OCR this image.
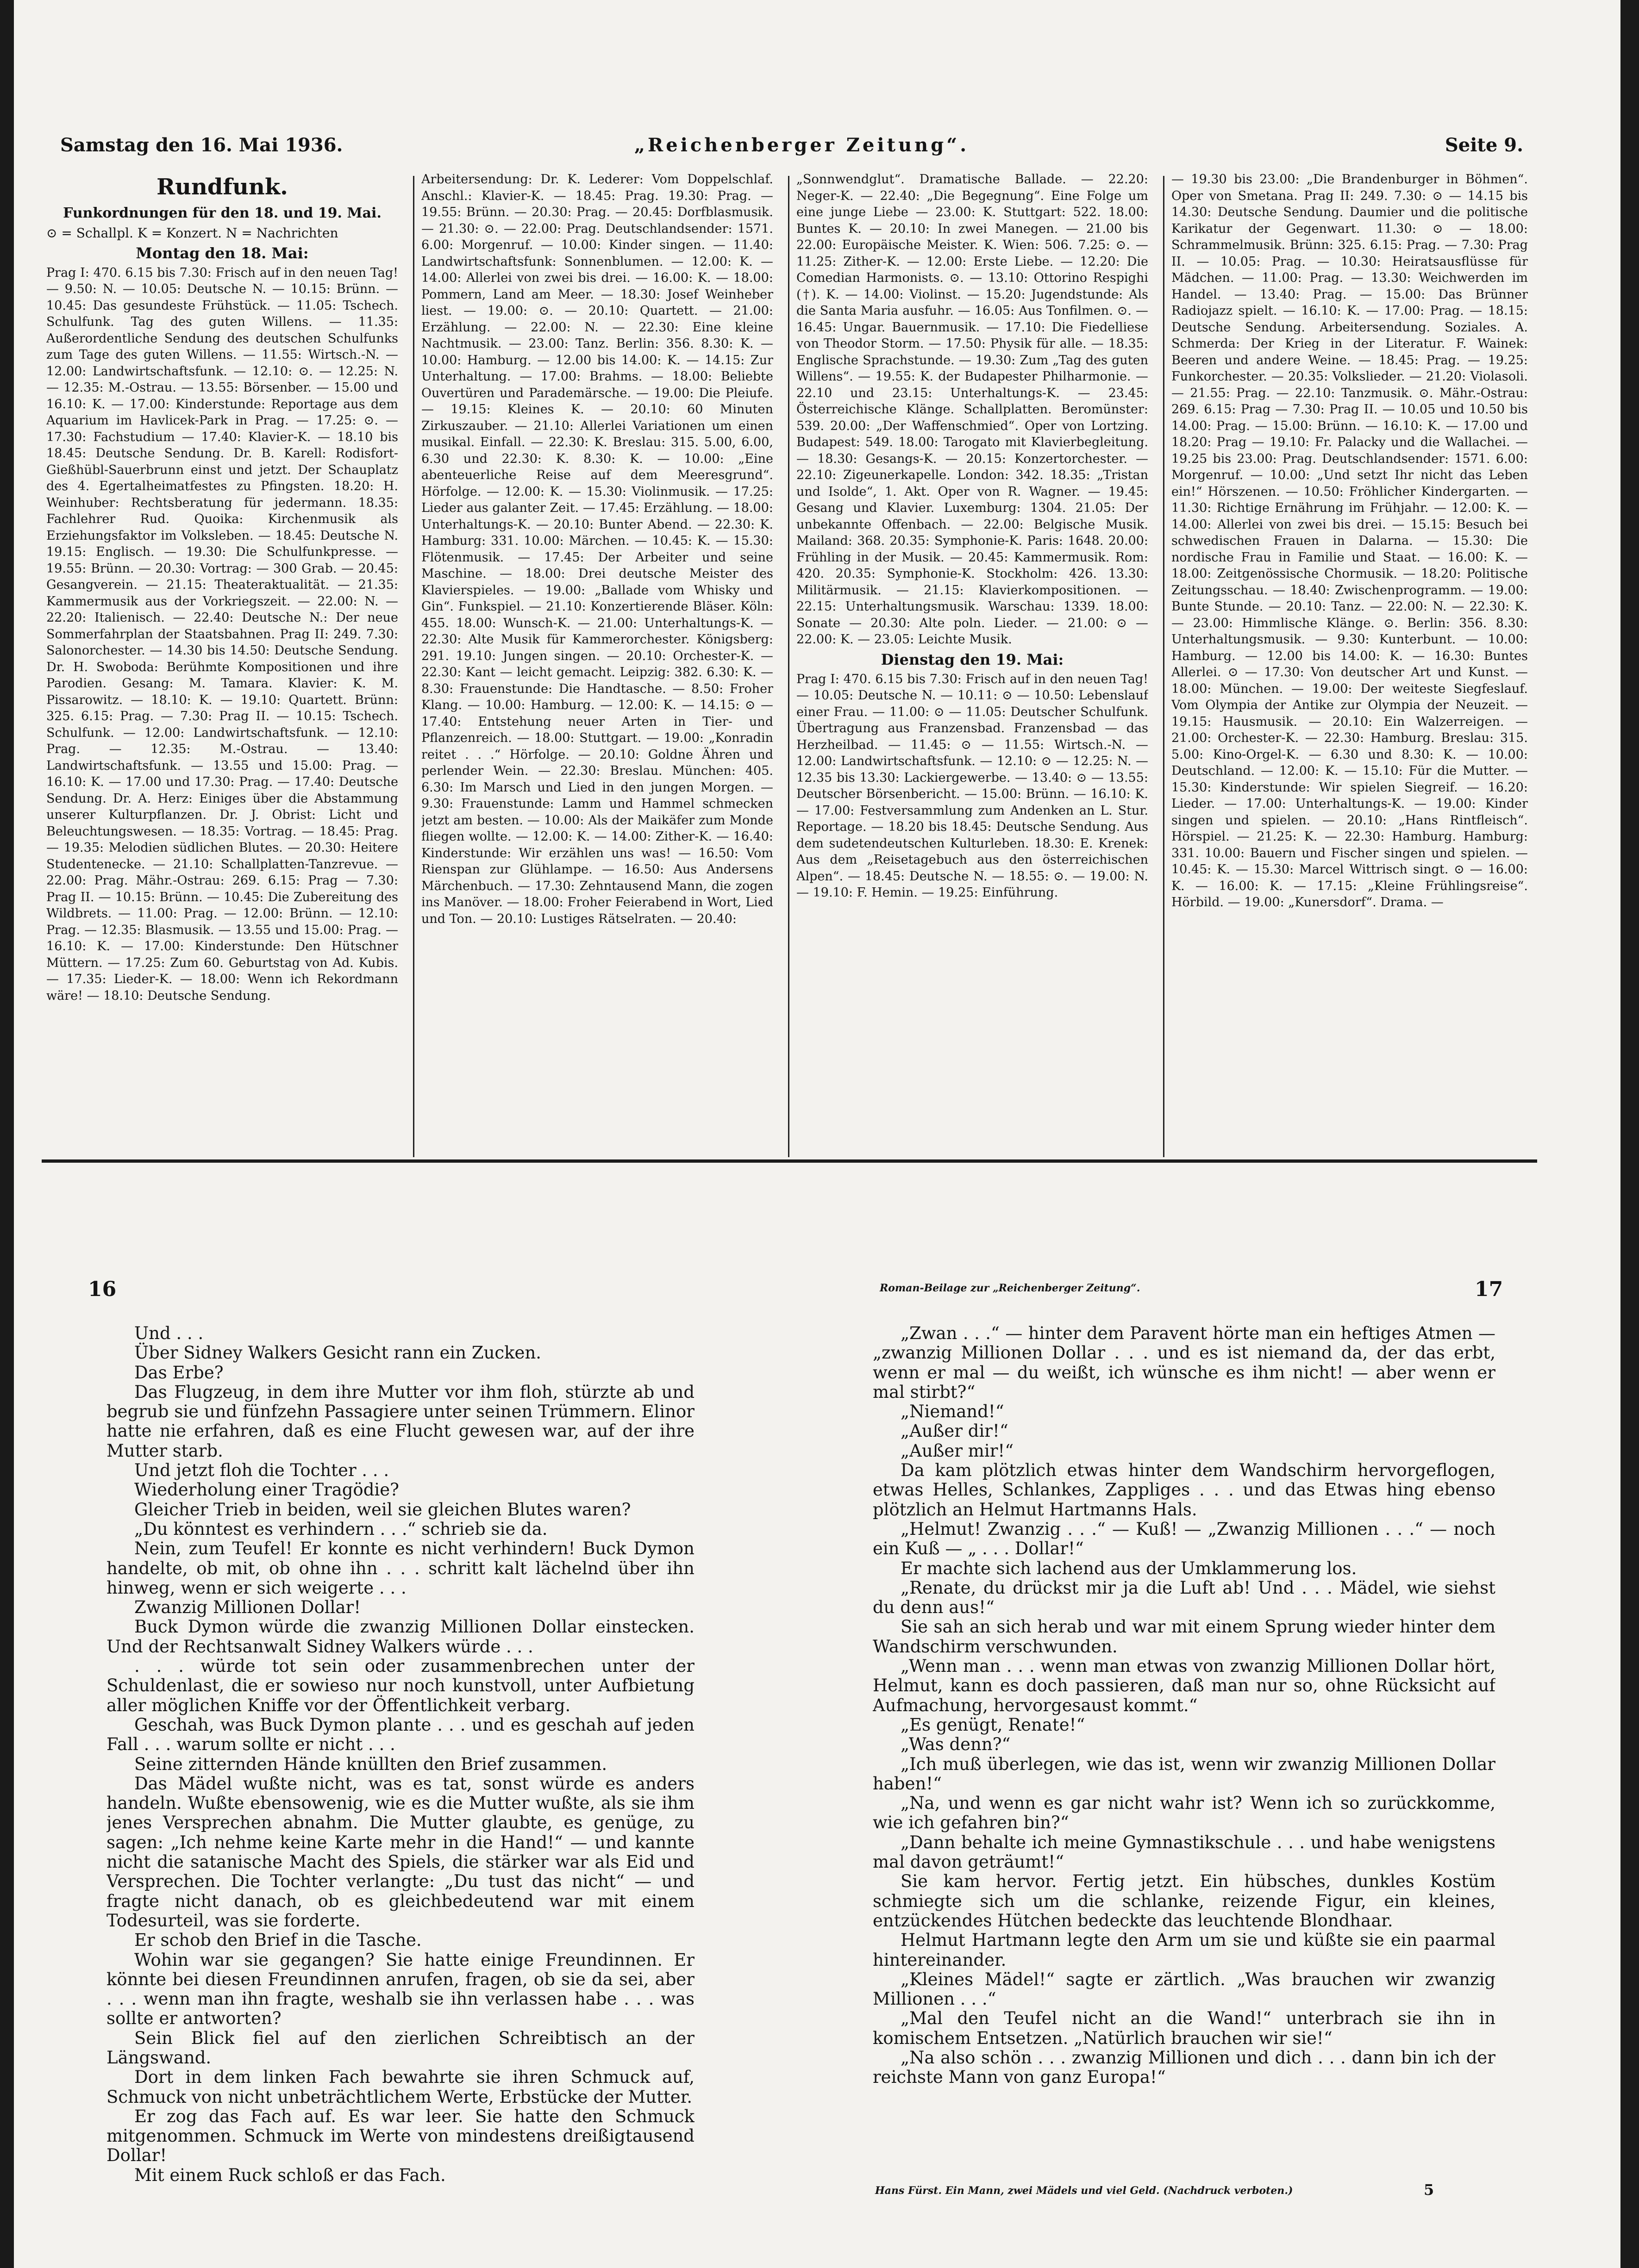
Samstag den 16. Mai 1936.	„Reichenberger Zeitung“.	Seite 9.

Rundfunk.

Funkordnungen für den 18. und 19. Mai.

⊙ = Schallpl. K = Konzert. N = Nachrichten

Montag den 18. Mai:

Prag I: 470. 6.15 bis 7.30: Frisch auf in den neuen Tag! — 9.50: N. — 10.05: Deutsche N. — 10.15: Brünn. — 10.45: Das gesundeste Frühstück. — 11.05: Tschech. Schulfunk. Tag des guten Willens. — 11.35: Außerordentliche Sendung des deutschen Schulfunks zum Tage des guten Willens. — 11.55: Wirtsch.-N. — 12.00: Landwirtschaftsfunk. — 12.10: ⊙. — 12.25: N. — 12.35: M.-Ostrau. — 13.55: Börsenber. — 15.00 und 16.10: K. — 17.00: Kinderstunde: Reportage aus dem Aquarium im Havlicek-Park in Prag. — 17.25: ⊙. — 17.30: Fachstudium — 17.40: Klavier-K. — 18.10 bis 18.45: Deutsche Sendung. Dr. B. Karell: Rodisfort-Gießhübl-Sauerbrunn einst und jetzt. Der Schauplatz des 4. Egertalheimatfestes zu Pfingsten. 18.20: H. Weinhuber: Rechtsberatung für jedermann. 18.35: Fachlehrer Rud. Quoika: Kirchenmusik als Erziehungsfaktor im Volksleben. — 18.45: Deutsche N. 19.15: Englisch. — 19.30: Die Schulfunkpresse. — 19.55: Brünn. — 20.30: Vortrag: — 300 Grab. — 20.45: Gesangverein. — 21.15: Theateraktualität. — 21.35: Kammermusik aus der Vorkriegszeit. — 22.00: N. — 22.20: Italienisch. — 22.40: Deutsche N.: Der neue Sommerfahrplan der Staatsbahnen. Prag II: 249. 7.30: Salonorchester. — 14.30 bis 14.50: Deutsche Sendung. Dr. H. Swoboda: Berühmte Kompositionen und ihre Parodien. Gesang: M. Tamara. Klavier: K. M. Pissarowitz. — 18.10: K. — 19.10: Quartett. Brünn: 325. 6.15: Prag. — 7.30: Prag II. — 10.15: Tschech. Schulfunk. — 12.00: Landwirtschaftsfunk. — 12.10: Prag. — 12.35: M.-Ostrau. — 13.40: Landwirtschaftsfunk. — 13.55 und 15.00: Prag. — 16.10: K. — 17.00 und 17.30: Prag. — 17.40: Deutsche Sendung. Dr. A. Herz: Einiges über die Abstammung unserer Kulturpflanzen. Dr. J. Obrist: Licht und Beleuchtungswesen. — 18.35: Vortrag. — 18.45: Prag. — 19.35: Melodien südlichen Blutes. — 20.30: Heitere Studentenecke. — 21.10: Schallplatten-Tanzrevue. — 22.00: Prag. Mähr.-Ostrau: 269. 6.15: Prag — 7.30: Prag II. — 10.15: Brünn. — 10.45: Die Zubereitung des Wildbrets. — 11.00: Prag. — 12.00: Brünn. — 12.10: Prag. — 12.35: Blasmusik. — 13.55 und 15.00: Prag. — 16.10: K. — 17.00: Kinderstunde: Den Hütschner Müttern. — 17.25: Zum 60. Geburtstag von Ad. Kubis. — 17.35: Lieder-K. — 18.00: Wenn ich Rekordmann wäre! — 18.10: Deutsche Sendung.

Arbeitersendung: Dr. K. Lederer: Vom Doppelschlaf. Anschl.: Klavier-K. — 18.45: Prag. 19.30: Prag. — 19.55: Brünn. — 20.30: Prag. — 20.45: Dorfblasmusik. — 21.30: ⊙. — 22.00: Prag. Deutschlandsender: 1571. 6.00: Morgenruf. — 10.00: Kinder singen. — 11.40: Landwirtschaftsfunk: Sonnenblumen. — 12.00: K. — 14.00: Allerlei von zwei bis drei. — 16.00: K. — 18.00: Pommern, Land am Meer. — 18.30: Josef Weinheber liest. — 19.00: ⊙. — 20.10: Quartett. — 21.00: Erzählung. — 22.00: N. — 22.30: Eine kleine Nachtmusik. — 23.00: Tanz. Berlin: 356. 8.30: K. — 10.00: Hamburg. — 12.00 bis 14.00: K. — 14.15: Zur Unterhaltung. — 17.00: Brahms. — 18.00: Beliebte Ouvertüren und Parademärsche. — 19.00: Die Pleiufe. — 19.15: Kleines K. — 20.10: 60 Minuten Zirkuszauber. — 21.10: Allerlei Variationen um einen musikal. Einfall. — 22.30: K. Breslau: 315. 5.00, 6.00, 6.30 und 22.30: K. 8.30: K. — 10.00: „Eine abenteuerliche Reise auf dem Meeresgrund“. Hörfolge. — 12.00: K. — 15.30: Violinmusik. — 17.25: Lieder aus galanter Zeit. — 17.45: Erzählung. — 18.00: Unterhaltungs-K. — 20.10: Bunter Abend. — 22.30: K. Hamburg: 331. 10.00: Märchen. — 10.45: K. — 15.30: Flötenmusik. — 17.45: Der Arbeiter und seine Maschine. — 18.00: Drei deutsche Meister des Klavierspieles. — 19.00: „Ballade vom Whisky und Gin“. Funkspiel. — 21.10: Konzertierende Bläser. Köln: 455. 18.00: Wunsch-K. — 21.00: Unterhaltungs-K. — 22.30: Alte Musik für Kammerorchester. Königsberg: 291. 19.10: Jungen singen. — 20.10: Orchester-K. — 22.30: Kant — leicht gemacht. Leipzig: 382. 6.30: K. — 8.30: Frauenstunde: Die Handtasche. — 8.50: Froher Klang. — 10.00: Hamburg. — 12.00: K. — 14.15: ⊙ — 17.40: Entstehung neuer Arten in Tier- und Pflanzenreich. — 18.00: Stuttgart. — 19.00: „Konradin reitet . . .“ Hörfolge. — 20.10: Goldne Ähren und perlender Wein. — 22.30: Breslau. München: 405. 6.30: Im Marsch und Lied in den jungen Morgen. — 9.30: Frauenstunde: Lamm und Hammel schmecken jetzt am besten. — 10.00: Als der Maikäfer zum Monde fliegen wollte. — 12.00: K. — 14.00: Zither-K. — 16.40: Kinderstunde: Wir erzählen uns was! — 16.50: Vom Rienspan zur Glühlampe. — 16.50: Aus Andersens Märchenbuch. — 17.30: Zehntausend Mann, die zogen ins Manöver. — 18.00: Froher Feierabend in Wort, Lied und Ton. — 20.10: Lustiges Rätselraten. — 20.40:

„Sonnwendglut“. Dramatische Ballade. — 22.20: Neger-K. — 22.40: „Die Begegnung“. Eine Folge um eine junge Liebe — 23.00: K. Stuttgart: 522. 18.00: Buntes K. — 20.10: In zwei Manegen. — 21.00 bis 22.00: Europäische Meister. K. Wien: 506. 7.25: ⊙. — 11.25: Zither-K. — 12.00: Erste Liebe. — 12.20: Die Comedian Harmonists. ⊙. — 13.10: Ottorino Respighi (†). K. — 14.00: Violinst. — 15.20: Jugendstunde: Als die Santa Maria ausfuhr. — 16.05: Aus Tonfilmen. ⊙. — 16.45: Ungar. Bauernmusik. — 17.10: Die Fiedelliese von Theodor Storm. — 17.50: Physik für alle. — 18.35: Englische Sprachstunde. — 19.30: Zum „Tag des guten Willens“. — 19.55: K. der Budapester Philharmonie. — 22.10 und 23.15: Unterhaltungs-K. — 23.45: Österreichische Klänge. Schallplatten. Beromünster: 539. 20.00: „Der Waffenschmied“. Oper von Lortzing. Budapest: 549. 18.00: Tarogato mit Klavierbegleitung. — 18.30: Gesangs-K. — 20.15: Konzertorchester. — 22.10: Zigeunerkapelle. London: 342. 18.35: „Tristan und Isolde“, 1. Akt. Oper von R. Wagner. — 19.45: Gesang und Klavier. Luxemburg: 1304. 21.05: Der unbekannte Offenbach. — 22.00: Belgische Musik. Mailand: 368. 20.35: Symphonie-K. Paris: 1648. 20.00: Frühling in der Musik. — 20.45: Kammermusik. Rom: 420. 20.35: Symphonie-K. Stockholm: 426. 13.30: Militärmusik. — 21.15: Klavierkompositionen. — 22.15: Unterhaltungsmusik. Warschau: 1339. 18.00: Sonate — 20.30: Alte poln. Lieder. — 21.00: ⊙ — 22.00: K. — 23.05: Leichte Musik.

Dienstag den 19. Mai:

Prag I: 470. 6.15 bis 7.30: Frisch auf in den neuen Tag! — 10.05: Deutsche N. — 10.11: ⊙ — 10.50: Lebenslauf einer Frau. — 11.00: ⊙ — 11.05: Deutscher Schulfunk. Übertragung aus Franzensbad. Franzensbad — das Herzheilbad. — 11.45: ⊙ — 11.55: Wirtsch.-N. — 12.00: Landwirtschaftsfunk. — 12.10: ⊙ — 12.25: N. — 12.35 bis 13.30: Lackiergewerbe. — 13.40: ⊙ — 13.55: Deutscher Börsenbericht. — 15.00: Brünn. — 16.10: K. — 17.00: Festversammlung zum Andenken an L. Stur. Reportage. — 18.20 bis 18.45: Deutsche Sendung. Aus dem sudetendeutschen Kulturleben. 18.30: E. Krenek: Aus dem „Reisetagebuch aus den österreichischen Alpen“. — 18.45: Deutsche N. — 18.55: ⊙. — 19.00: N. — 19.10: F. Hemin. — 19.25: Einführung.

— 19.30 bis 23.00: „Die Brandenburger in Böhmen“. Oper von Smetana. Prag II: 249. 7.30: ⊙ — 14.15 bis 14.30: Deutsche Sendung. Daumier und die politische Karikatur der Gegenwart. 11.30: ⊙ — 18.00: Schrammelmusik. Brünn: 325. 6.15: Prag. — 7.30: Prag II. — 10.05: Prag. — 10.30: Heiratsausflüsse für Mädchen. — 11.00: Prag. — 13.30: Weichwerden im Handel. — 13.40: Prag. — 15.00: Das Brünner Radiojazz spielt. — 16.10: K. — 17.00: Prag. — 18.15: Deutsche Sendung. Arbeitersendung. Soziales. A. Schmerda: Der Krieg in der Literatur. F. Wainek: Beeren und andere Weine. — 18.45: Prag. — 19.25: Funkorchester. — 20.35: Volkslieder. — 21.20: Violasoli. — 21.55: Prag. — 22.10: Tanzmusik. ⊙. Mähr.-Ostrau: 269. 6.15: Prag — 7.30: Prag II. — 10.05 und 10.50 bis 14.00: Prag. — 15.00: Brünn. — 16.10: K. — 17.00 und 18.20: Prag — 19.10: Fr. Palacky und die Wallachei. — 19.25 bis 23.00: Prag. Deutschlandsender: 1571. 6.00: Morgenruf. — 10.00: „Und setzt Ihr nicht das Leben ein!“ Hörszenen. — 10.50: Fröhlicher Kindergarten. — 11.30: Richtige Ernährung im Frühjahr. — 12.00: K. — 14.00: Allerlei von zwei bis drei. — 15.15: Besuch bei schwedischen Frauen in Dalarna. — 15.30: Die nordische Frau in Familie und Staat. — 16.00: K. — 18.00: Zeitgenössische Chormusik. — 18.20: Politische Zeitungsschau. — 18.40: Zwischenprogramm. — 19.00: Bunte Stunde. — 20.10: Tanz. — 22.00: N. — 22.30: K. — 23.00: Himmlische Klänge. ⊙. Berlin: 356. 8.30: Unterhaltungsmusik. — 9.30: Kunterbunt. — 10.00: Hamburg. — 12.00 bis 14.00: K. — 16.30: Buntes Allerlei. ⊙ — 17.30: Von deutscher Art und Kunst. — 18.00: München. — 19.00: Der weiteste Siegfeslauf. Vom Olympia der Antike zur Olympia der Neuzeit. — 19.15: Hausmusik. — 20.10: Ein Walzerreigen. — 21.00: Orchester-K. — 22.30: Hamburg. Breslau: 315. 5.00: Kino-Orgel-K. — 6.30 und 8.30: K. — 10.00: Deutschland. — 12.00: K. — 15.10: Für die Mutter. — 15.30: Kinderstunde: Wir spielen Siegreif. — 16.20: Lieder. — 17.00: Unterhaltungs-K. — 19.00: Kinder singen und spielen. — 20.10: „Hans Rintfleisch“. Hörspiel. — 21.25: K. — 22.30: Hamburg. Hamburg: 331. 10.00: Bauern und Fischer singen und spielen. — 10.45: K. — 15.30: Marcel Wittrisch singt. ⊙ — 16.00: K. — 16.00: K. — 17.15: „Kleine Frühlingsreise“. Hörbild. — 19.00: „Kunersdorf“. Drama. —

16	Roman-Beilage zur „Reichenberger Zeitung“.	17

Und . . .

Über Sidney Walkers Gesicht rann ein Zucken.

Das Erbe?

Das Flugzeug, in dem ihre Mutter vor ihm floh, stürzte ab und begrub sie und fünfzehn Passagiere unter seinen Trümmern. Elinor hatte nie erfahren, daß es eine Flucht gewesen war, auf der ihre Mutter starb.

Und jetzt floh die Tochter . . .

Wiederholung einer Tragödie?

Gleicher Trieb in beiden, weil sie gleichen Blutes waren?

„Du könntest es verhindern . . .“ schrieb sie da.

Nein, zum Teufel! Er konnte es nicht verhindern! Buck Dymon handelte, ob mit, ob ohne ihn . . . schritt kalt lächelnd über ihn hinweg, wenn er sich weigerte . . .

Zwanzig Millionen Dollar!

Buck Dymon würde die zwanzig Millionen Dollar einstecken. Und der Rechtsanwalt Sidney Walkers würde . . .

. . . würde tot sein oder zusammenbrechen unter der Schuldenlast, die er sowieso nur noch kunstvoll, unter Aufbietung aller möglichen Kniffe vor der Öffentlichkeit verbarg.

Geschah, was Buck Dymon plante . . . und es geschah auf jeden Fall . . . warum sollte er nicht . . .

Seine zitternden Hände knüllten den Brief zusammen.

Das Mädel wußte nicht, was es tat, sonst würde es anders handeln. Wußte ebensowenig, wie es die Mutter wußte, als sie ihm jenes Versprechen abnahm. Die Mutter glaubte, es genüge, zu sagen: „Ich nehme keine Karte mehr in die Hand!“ — und kannte nicht die satanische Macht des Spiels, die stärker war als Eid und Versprechen. Die Tochter verlangte: „Du tust das nicht“ — und fragte nicht danach, ob es gleichbedeutend war mit einem Todesurteil, was sie forderte.

Er schob den Brief in die Tasche.

Wohin war sie gegangen? Sie hatte einige Freundinnen. Er könnte bei diesen Freundinnen anrufen, fragen, ob sie da sei, aber . . . wenn man ihn fragte, weshalb sie ihn verlassen habe . . . was sollte er antworten?

Sein Blick fiel auf den zierlichen Schreibtisch an der Längswand.

Dort in dem linken Fach bewahrte sie ihren Schmuck auf, Schmuck von nicht unbeträchtlichem Werte, Erbstücke der Mutter.

Er zog das Fach auf. Es war leer. Sie hatte den Schmuck mitgenommen. Schmuck im Werte von mindestens dreißigtausend Dollar!

Mit einem Ruck schloß er das Fach.

„Zwan . . .“ — hinter dem Paravent hörte man ein heftiges Atmen — „zwanzig Millionen Dollar . . . und es ist niemand da, der das erbt, wenn er mal — du weißt, ich wünsche es ihm nicht! — aber wenn er mal stirbt?“

„Niemand!“

„Außer dir!“

„Außer mir!“

Da kam plötzlich etwas hinter dem Wandschirm hervorgeflogen, etwas Helles, Schlankes, Zappliges . . . und das Etwas hing ebenso plötzlich an Helmut Hartmanns Hals.

„Helmut! Zwanzig . . .“ — Kuß! — „Zwanzig Millionen . . .“ — noch ein Kuß — „ . . . Dollar!“

Er machte sich lachend aus der Umklammerung los.

„Renate, du drückst mir ja die Luft ab! Und . . . Mädel, wie siehst du denn aus!“

Sie sah an sich herab und war mit einem Sprung wieder hinter dem Wandschirm verschwunden.

„Wenn man . . . wenn man etwas von zwanzig Millionen Dollar hört, Helmut, kann es doch passieren, daß man nur so, ohne Rücksicht auf Aufmachung, hervorgesaust kommt.“

„Es genügt, Renate!“

„Was denn?“

„Ich muß überlegen, wie das ist, wenn wir zwanzig Millionen Dollar haben!“

„Na, und wenn es gar nicht wahr ist? Wenn ich so zurückkomme, wie ich gefahren bin?“

„Dann behalte ich meine Gymnastikschule . . . und habe wenigstens mal davon geträumt!“

Sie kam hervor. Fertig jetzt. Ein hübsches, dunkles Kostüm schmiegte sich um die schlanke, reizende Figur, ein kleines, entzückendes Hütchen bedeckte das leuchtende Blondhaar.

Helmut Hartmann legte den Arm um sie und küßte sie ein paarmal hintereinander.

„Kleines Mädel!“ sagte er zärtlich. „Was brauchen wir zwanzig Millionen . . .“

„Mal den Teufel nicht an die Wand!“ unterbrach sie ihn in komischem Entsetzen. „Natürlich brauchen wir sie!“

„Na also schön . . . zwanzig Millionen und dich . . . dann bin ich der reichste Mann von ganz Europa!“

Hans Fürst. Ein Mann, zwei Mädels und viel Geld. (Nachdruck verboten.)	5
